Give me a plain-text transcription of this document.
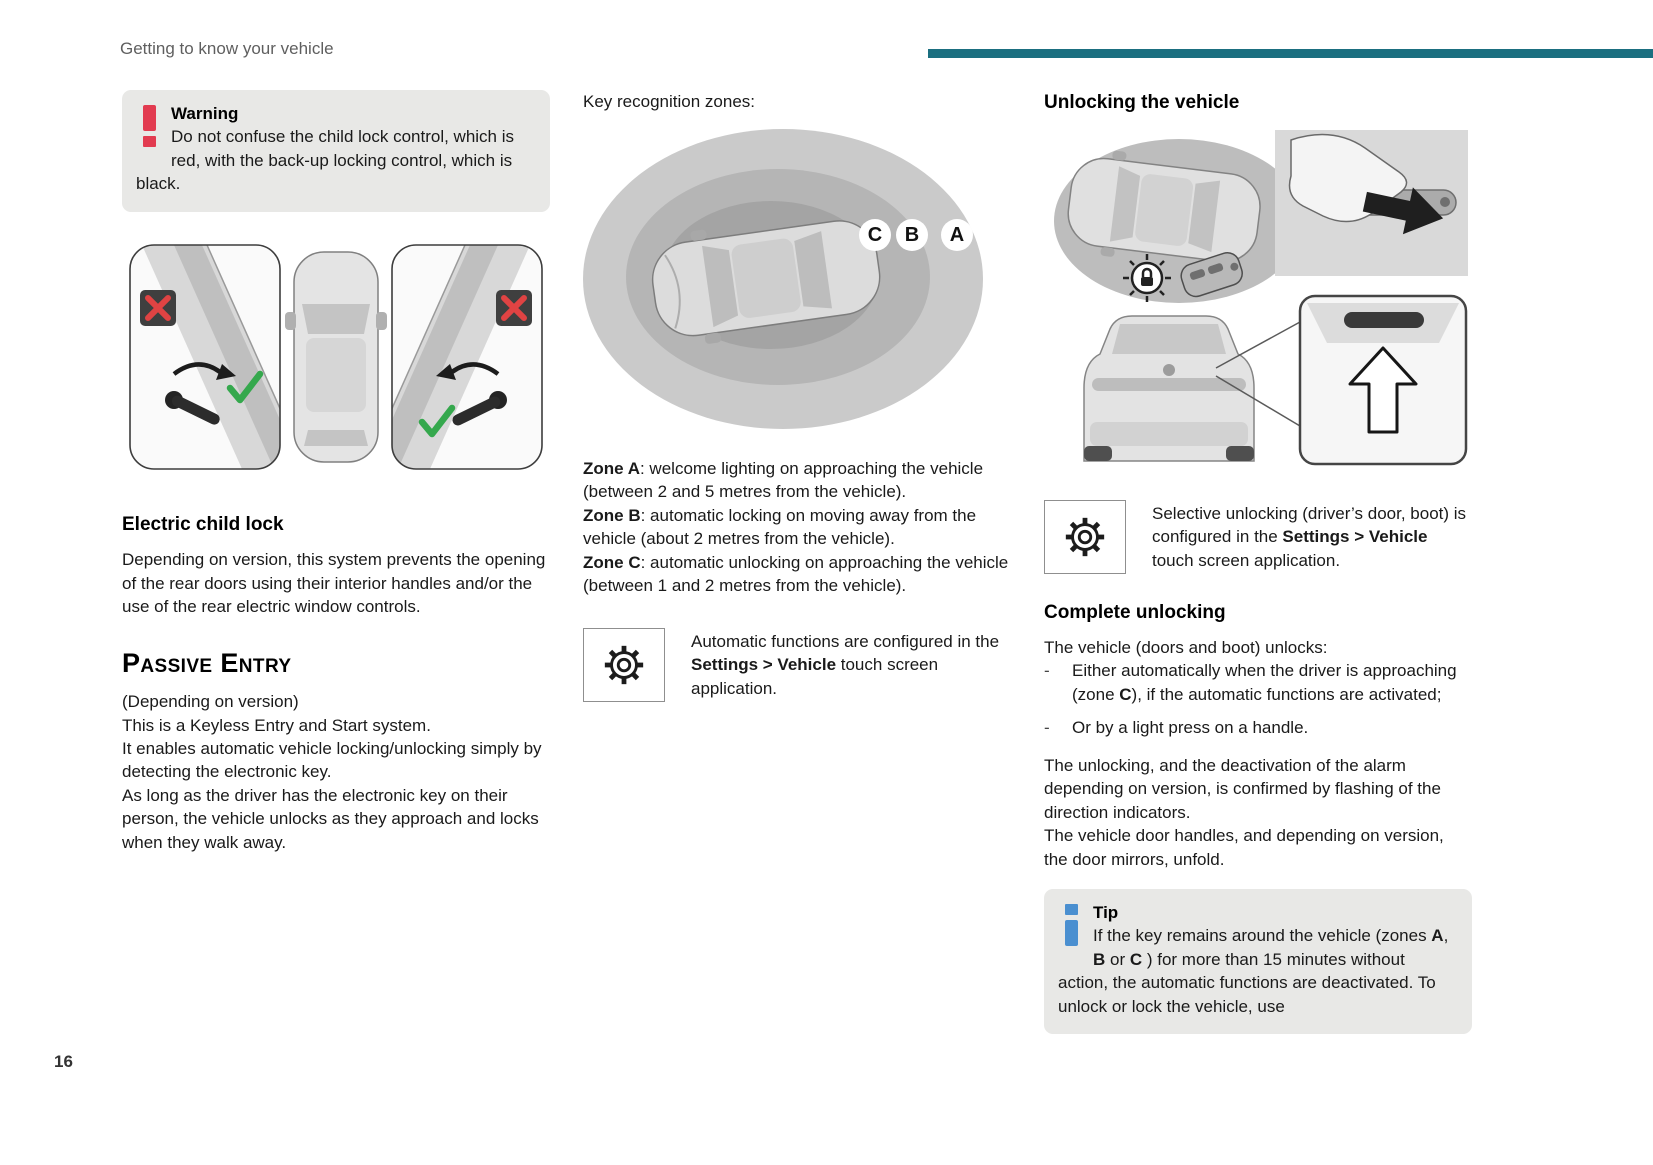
Getting to know your vehicle
Warning
Do not confuse the child lock control, which is red, with the back-up locking control, which is black.
Electric child lock

Depending on version, this system prevents the opening of the rear doors using their interior handles and/or the use of the rear electric window controls.

Passive Entry
(Depending on version)
This is a Keyless Entry and Start system.
It enables automatic vehicle locking/unlocking simply by detecting the electronic key.
As long as the driver has the electronic key on their person, the vehicle unlocks as they approach and locks when they walk away.
Key recognition zones:
C	B	A
Zone A: welcome lighting on approaching the vehicle (between 2 and 5 metres from the vehicle).
Zone B: automatic locking on moving away from the vehicle (about 2 metres from the vehicle).
Zone C: automatic unlocking on approaching the vehicle (between 1 and 2 metres from the vehicle).
Automatic functions are configured in the Settings > Vehicle touch screen application.
Unlocking the vehicle
Selective unlocking (driver’s door, boot) is configured in the Settings > Vehicle touch screen application.
Complete unlocking
The vehicle (doors and boot) unlocks:
-	Either automatically when the driver is approaching (zone C), if the automatic functions are activated;
-	Or by a light press on a handle.
The unlocking, and the deactivation of the alarm depending on version, is confirmed by flashing of the direction indicators.
The vehicle door handles, and depending on version, the door mirrors, unfold.
Tip
If the key remains around the vehicle (zones A, B or C ) for more than 15 minutes without action, the automatic functions are deactivated. To unlock or lock the vehicle, use
16
